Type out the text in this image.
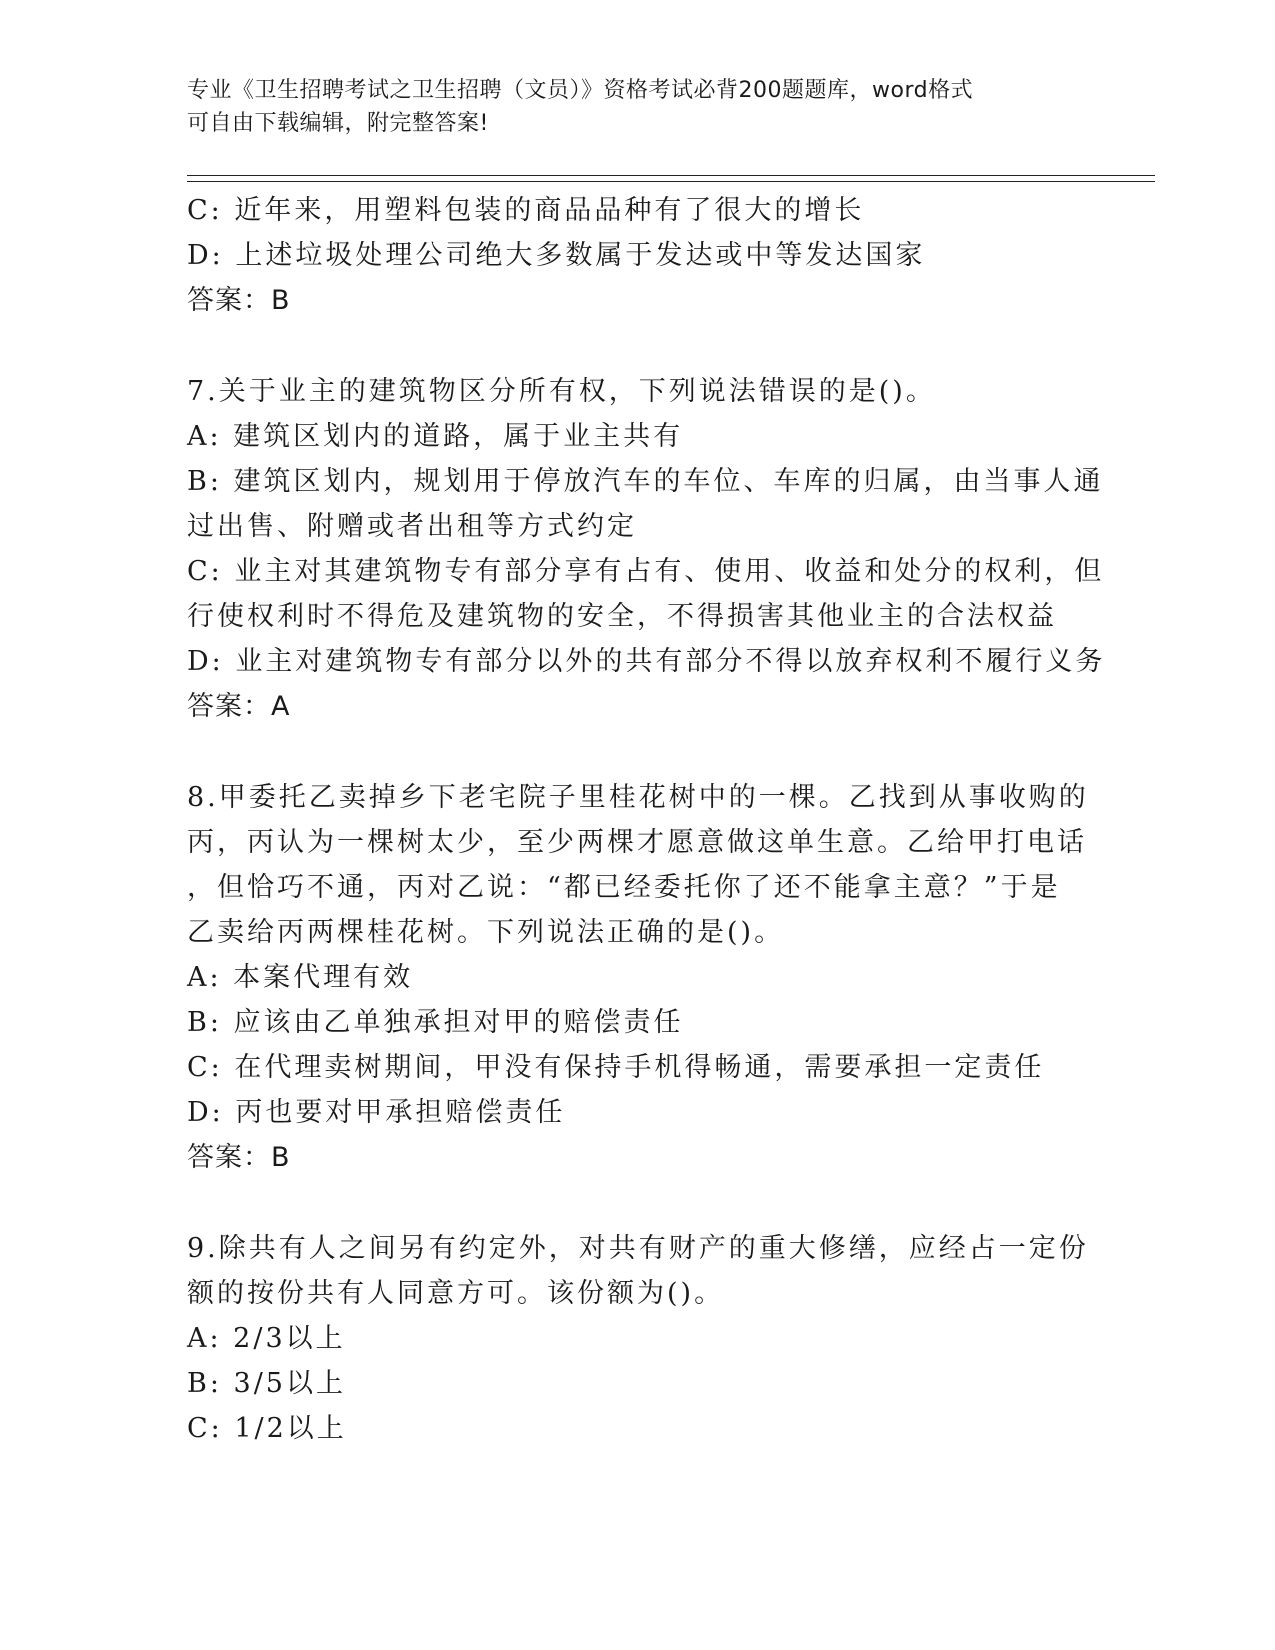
专业《卫生招聘考试之卫生招聘（文员）》资格考试必背200题题库，word格式
可自由下载编辑，附完整答案!
C: 近年来，用塑料包装的商品品种有了很大的增长
D: 上述垃圾处理公司绝大多数属于发达或中等发达国家
答案：B
7.关于业主的建筑物区分所有权，下列说法错误的是()。
A: 建筑区划内的道路，属于业主共有
B: 建筑区划内，规划用于停放汽车的车位、车库的归属，由当事人通
过出售、附赠或者出租等方式约定
C: 业主对其建筑物专有部分享有占有、使用、收益和处分的权利，但
行使权利时不得危及建筑物的安全，不得损害其他业主的合法权益
D: 业主对建筑物专有部分以外的共有部分不得以放弃权利不履行义务
答案：A
8.甲委托乙卖掉乡下老宅院子里桂花树中的一棵。乙找到从事收购的
丙，丙认为一棵树太少，至少两棵才愿意做这单生意。乙给甲打电话
，但恰巧不通，丙对乙说：“都已经委托你了还不能拿主意？”于是
乙卖给丙两棵桂花树。下列说法正确的是()。
A: 本案代理有效
B: 应该由乙单独承担对甲的赔偿责任
C: 在代理卖树期间，甲没有保持手机得畅通，需要承担一定责任
D: 丙也要对甲承担赔偿责任
答案：B
9.除共有人之间另有约定外，对共有财产的重大修缮，应经占一定份
额的按份共有人同意方可。该份额为()。
A: 2/3以上
B: 3/5以上
C: 1/2以上
